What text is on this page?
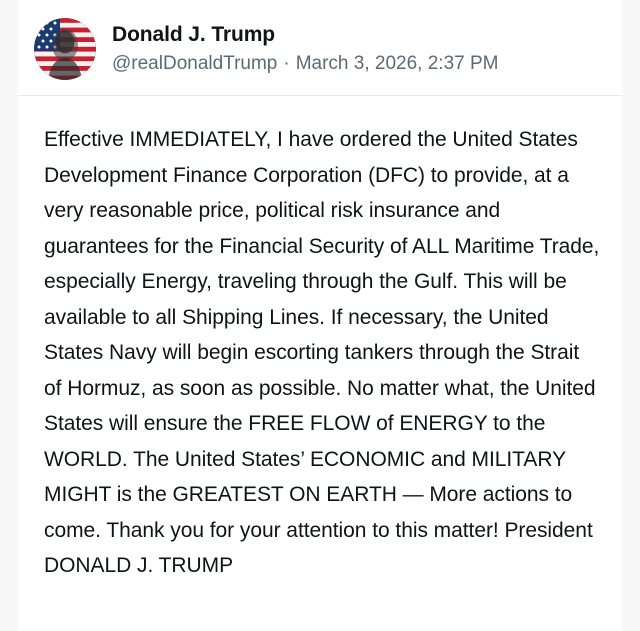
Donald J. Trump
@realDonaldTrump · March 3, 2026, 2:37 PM
Effective IMMEDIATELY, I have ordered the United States Development Finance Corporation (DFC) to provide, at a very reasonable price, political risk insurance and guarantees for the Financial Security of ALL Maritime Trade, especially Energy, traveling through the Gulf. This will be available to all Shipping Lines. If necessary, the United States Navy will begin escorting tankers through the Strait of Hormuz, as soon as possible. No matter what, the United States will ensure the FREE FLOW of ENERGY to the WORLD. The United States’ ECONOMIC and MILITARY MIGHT is the GREATEST ON EARTH — More actions to come. Thank you for your attention to this matter! President DONALD J. TRUMP
